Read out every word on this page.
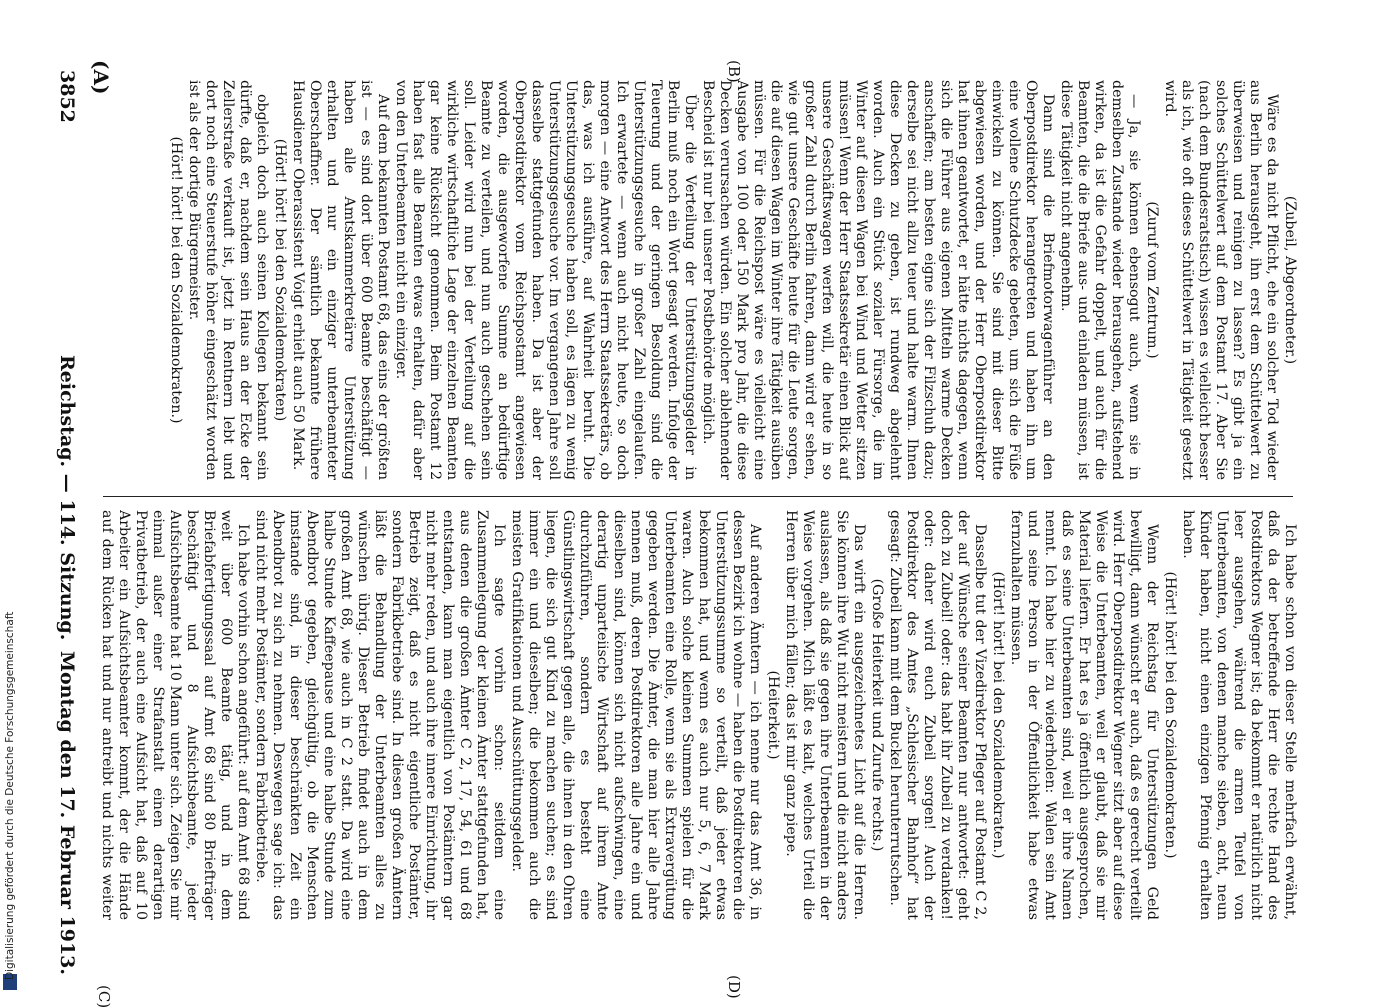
3852
Reichstag. — 114. Sitzung.
Montag den 17. Februar 1913.
(A)	(B)
(C)	(D)

(Zubeil, Abgeordneter.)

Wäre es da nicht Pflicht, ehe ein solcher Tod wieder aus Berlin herausgeht, ihn erst dem Schüttelwert zu überweisen und reinigen zu lassen? Es gibt ja ein solches Schüttelwert auf dem Postamt 17. Aber Sie (nach dem Bundesratstisch) wissen es vielleicht besser als ich, wie oft dieses Schüttelwert in Tätigkeit gesetzt wird.

(Zuruf vom Zentrum.)

— Ja, sie können ebensogut auch, wenn sie in demselben Zustande wieder herausgehen, aufstehend wirken, da ist die Gefahr doppelt, und auch für die Beamten, die die Briefe aus- und einladen müssen, ist diese Tätigkeit nicht angenehm.

Dann sind die Briefmotorwagenführer an den Oberpostdirektor herangetreten und haben ihn um eine wollene Schutzdecke gebeten, um sich die Füße einwickeln zu können. Sie sind mit dieser Bitte abgewiesen worden, und der Herr Oberpostdirektor hat ihnen geantwortet, er hätte nichts dagegen, wenn sich die Führer aus eigenen Mitteln warme Decken anschaffen; am besten eigne sich der Filzschuh dazu; derselbe sei nicht allzu teuer und halte warm. Ihnen diese Decken zu geben, ist rundweg abgelehnt worden. Auch ein Stück sozialer Fürsorge, die im Winter auf diesen Wagen bei Wind und Wetter sitzen müssen! Wenn der Herr Staatssekretär einen Blick auf unsere Geschäftswagen werfen will, die heute in so großer Zahl durch Berlin fahren, dann wird er sehen, wie gut unsere Geschäfte heute für die Leute sorgen, die auf diesen Wagen im Winter ihre Tätigkeit ausüben müssen. Für die Reichspost wäre es vielleicht eine Ausgabe von 100 oder 150 Mark pro Jahr, die diese Decken verursachen würden. Ein solcher ablehnender Bescheid ist nur bei unserer Postbehörde möglich.

Über die Verteilung der Unterstützungsgelder in Berlin muß noch ein Wort gesagt werden. Infolge der Teuerung und der geringen Besoldung sind die Unterstützungsgesuche in großer Zahl eingelaufen. Ich erwartete — wenn auch nicht heute, so doch morgen — eine Antwort des Herrn Staatssekretärs, ob das, was ich ausführe, auf Wahrheit beruht. Die Unterstützungsgesuche haben soll, es lägen zu wenig Unterstützungsgesuche vor. Im vergangenen Jahre soll dasselbe stattgefunden haben. Da ist aber der Oberpostdirektor vom Reichspostamt angewiesen worden, die ausgeworfene Summe an bedürftige Beamte zu verteilen, und nun auch geschehen sein soll. Leider wird nun bei der Verteilung auf die wirkliche wirtschaftliche Lage der einzelnen Beamten gar keine Rücksicht genommen. Beim Postamt 12 haben fast alle Beamten etwas erhalten, dafür aber von den Unterbeamten nicht ein einziger.

Auf dem bekannten Postamt 68, das eins der größten ist — es sind dort über 600 Beamte beschäftigt — haben alle Amtskammerkretärre Unterstützung erhalten und nur ein einziger unterbeamteter Oberschaffner. Der sämtlich bekannte frühere Hausdiener Oberassistent Voigt erhielt auch 50 Mark.

(Hört! hört! bei den Sozialdemokraten)

obgleich doch auch seinen Kollegen bekannt sein dürfte, daß er, nachdem sein Haus an der Ecke der Zellerstraße verkauft ist, jetzt in Rentnern lebt und dort noch eine Steuerstufe höher eingeschätzt worden ist als der dortige Bürgermeister.

(Hört! hört! bei den Sozialdemokraten.)

Ich habe schon von dieser Stelle mehrfach erwähnt, daß da der betreffende Herr die rechte Hand des Postdirektors Wegner ist; da bekommt er natürlich nicht leer ausgehen, während die armen Teufel von Unterbeamten, von denen manche sieben, acht, neun Kinder haben, nicht einen einzigen Pfennig erhalten haben.

(Hört! hört! bei den Sozialdemokraten.)

Wenn der Reichstag für Unterstützungen Geld bewilligt, dann wünscht er auch, daß es gerecht verteilt wird. Herr Oberpostdirektor Wegner sitzt aber auf diese Weise die Unterbeamten, weil er glaubt, daß sie mir Material liefern. Er hat es ja öffentlich ausgesprochen, daß es seine Unterbeamten sind, weil er ihre Namen nennt. Ich habe hier zu wiederholen: Walen sein Amt und seine Person in der Öffentlichkeit habe etwas fernzuhalten müssen.

(Hört! hört! bei den Sozialdemokraten.)

Dasselbe tut der Vizedirektor Pfleger auf Postamt C 2, der auf Wünsche seiner Beamten nur antwortet: geht doch zu Zubeil! oder: das habt ihr Zubeil zu verdanken! oder: daher wird euch Zubeil sorgen! Auch der Postdirektor des Amtes „Schlesischer Bahnhof“ hat gesagt: Zubeil kann mit dem Buckel herunterrutschen.

(Große Heiterkeit und Zurufe rechts.)

Das wirft ein ausgezeichnetes Licht auf die Herren. Sie können ihre Wut nicht meistern und die nicht anders auslassen, als daß sie gegen ihre Unterbeamten in der Weise vorgehen. Mich läßt es kalt, welches Urteil die Herren über mich fällen; das ist mir ganz piepe.

(Heiterkeit.)

Auf anderen Ämtern — ich nenne nur das Amt 36, in dessen Bezirk ich wohne — haben die Postdirektoren die Unterstützungssumme so verteilt, daß jeder etwas bekommen hat, und wenn es auch nur 5, 6, 7 Mark waren. Auch solche kleinen Summen spielen für die Unterbeamten eine Rolle, wenn sie als Extravergütung gegeben werden. Die Ämter, die man hier alle Jahre nennen muß, deren Postdirektoren alle Jahre ein und dieselben sind, können sich nicht aufschwingen, eine derartig unparteiische Wirtschaft auf ihrem Amte durchzuführen, sondern es besteht eine Günstlingswirtschaft gegen alle, die ihnen in den Ohren liegen, die sich gut Kind zu machen suchen; es sind immer ein und dieselben; die bekommen auch die meisten Gratifikationen und Ausschüttungsgelder.

Ich sagte vorhin schon: seitdem eine Zusammenlegung der kleinen Ämter stattgefunden hat, aus denen die großen Ämter C 2, 17, 54, 61 und 68 entstanden, kann man eigentlich von Postämtern gar nicht mehr reden, und auch ihre innere Einrichtung, ihr Betrieb zeigt, daß es nicht eigentliche Postämter, sondern Fabrikbetriebe sind. In diesen großen Ämtern läßt die Behandlung der Unterbeamten alles zu wünschen übrig. Dieser Betrieb findet auch in dem großen Amt 68, wie auch in C 2 statt. Da wird eine halbe Stunde Kaffeepause und eine halbe Stunde zum Abendbrot gegeben, gleichgültig, ob die Menschen imstande sind, in dieser beschränkten Zeit ein Abendbrot zu sich zu nehmen. Deswegen sage ich: das sind nicht mehr Postämter, sondern Fabrikbetriebe.

Ich habe vorhin schon angeführt: auf dem Amt 68 sind weit über 600 Beamte tätig, und in dem Briefabfertigungssaal auf Amt 68 sind 80 Briefträger beschäftigt und 8 Aufsichtsbeamte, jeder Aufsichtsbeamte hat 10 Mann unter sich. Zeigen Sie mir einmal außer einer Strafanstalt einen derartigen Privatbetrieb, der auch eine Aufsicht hat, daß auf 10 Arbeiter ein Aufsichtsbeamter kommt, der die Hände auf dem Rücken hat und nur antreibt und nichts weiter

Digitalisierung gefördert durch die Deutsche Forschungsgemeinschaft
